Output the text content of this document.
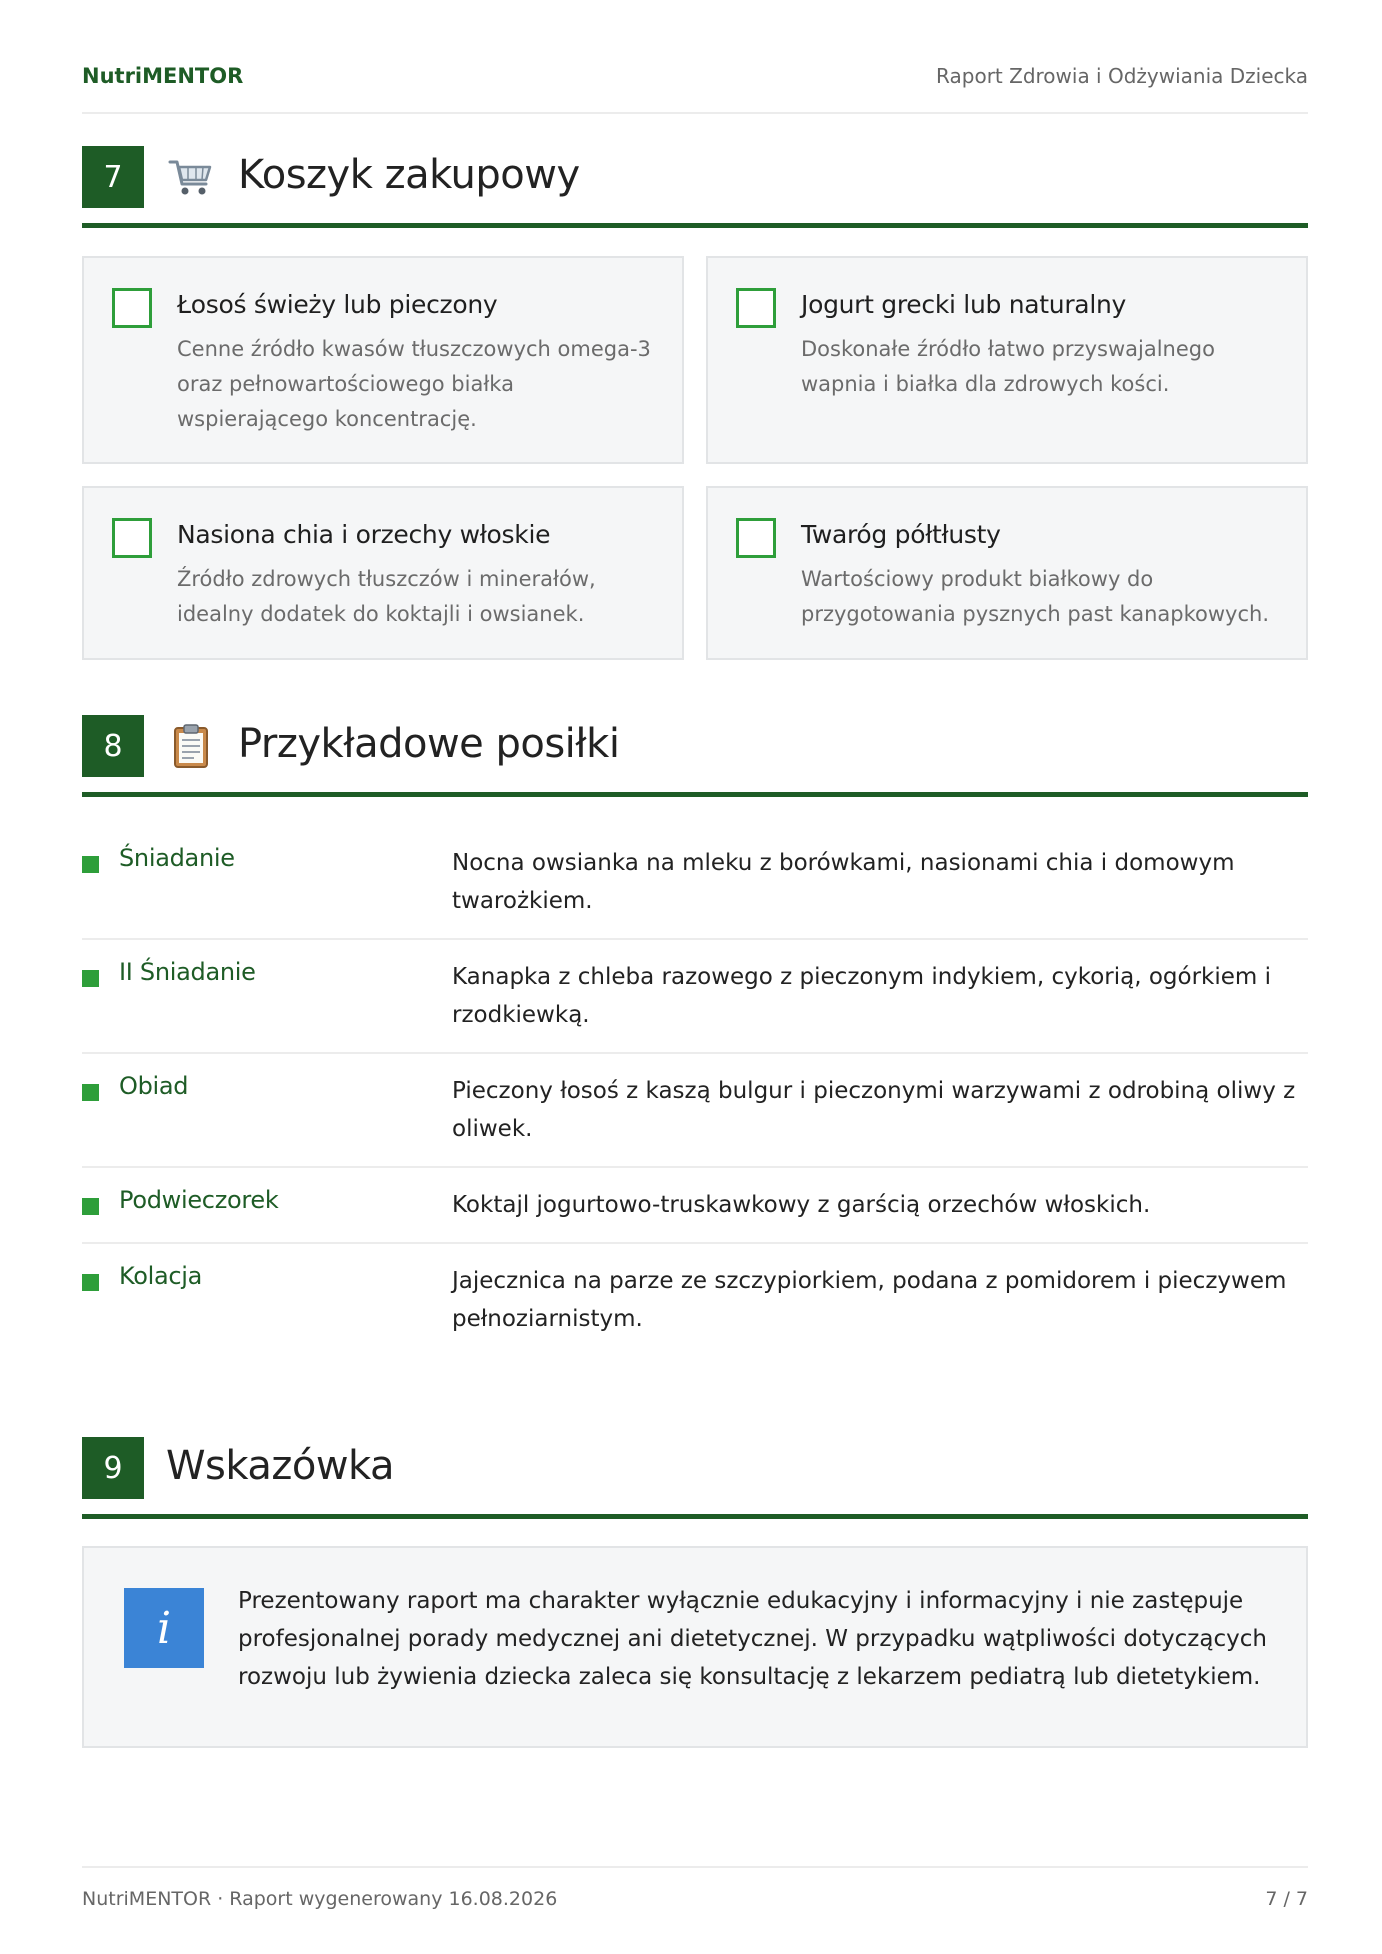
NutriMENTOR	Raport Zdrowia i Odżywiania Dziecka
7	Koszyk zakupowy
Łosoś świeży lub pieczony
Cenne źródło kwasów tłuszczowych omega-3 oraz pełnowartościowego białka wspierającego koncentrację.
Jogurt grecki lub naturalny
Doskonałe źródło łatwo przyswajalnego wapnia i białka dla zdrowych kości.
Nasiona chia i orzechy włoskie
Źródło zdrowych tłuszczów i minerałów, idealny dodatek do koktajli i owsianek.
Twaróg półtłusty
Wartościowy produkt białkowy do przygotowania pysznych past kanapkowych.
8	Przykładowe posiłki
Śniadanie	Nocna owsianka na mleku z borówkami, nasionami chia i domowym twarożkiem.
II Śniadanie	Kanapka z chleba razowego z pieczonym indykiem, cykorią, ogórkiem i rzodkiewką.
Obiad	Pieczony łosoś z kaszą bulgur i pieczonymi warzywami z odrobiną oliwy z oliwek.
Podwieczorek	Koktajl jogurtowo-truskawkowy z garścią orzechów włoskich.
Kolacja	Jajecznica na parze ze szczypiorkiem, podana z pomidorem i pieczywem pełnoziarnistym.
9	Wskazówka
i
Prezentowany raport ma charakter wyłącznie edukacyjny i informacyjny i nie zastępuje profesjonalnej porady medycznej ani dietetycznej. W przypadku wątpliwości dotyczących rozwoju lub żywienia dziecka zaleca się konsultację z lekarzem pediatrą lub dietetykiem.
NutriMENTOR · Raport wygenerowany 16.08.2026	7 / 7
